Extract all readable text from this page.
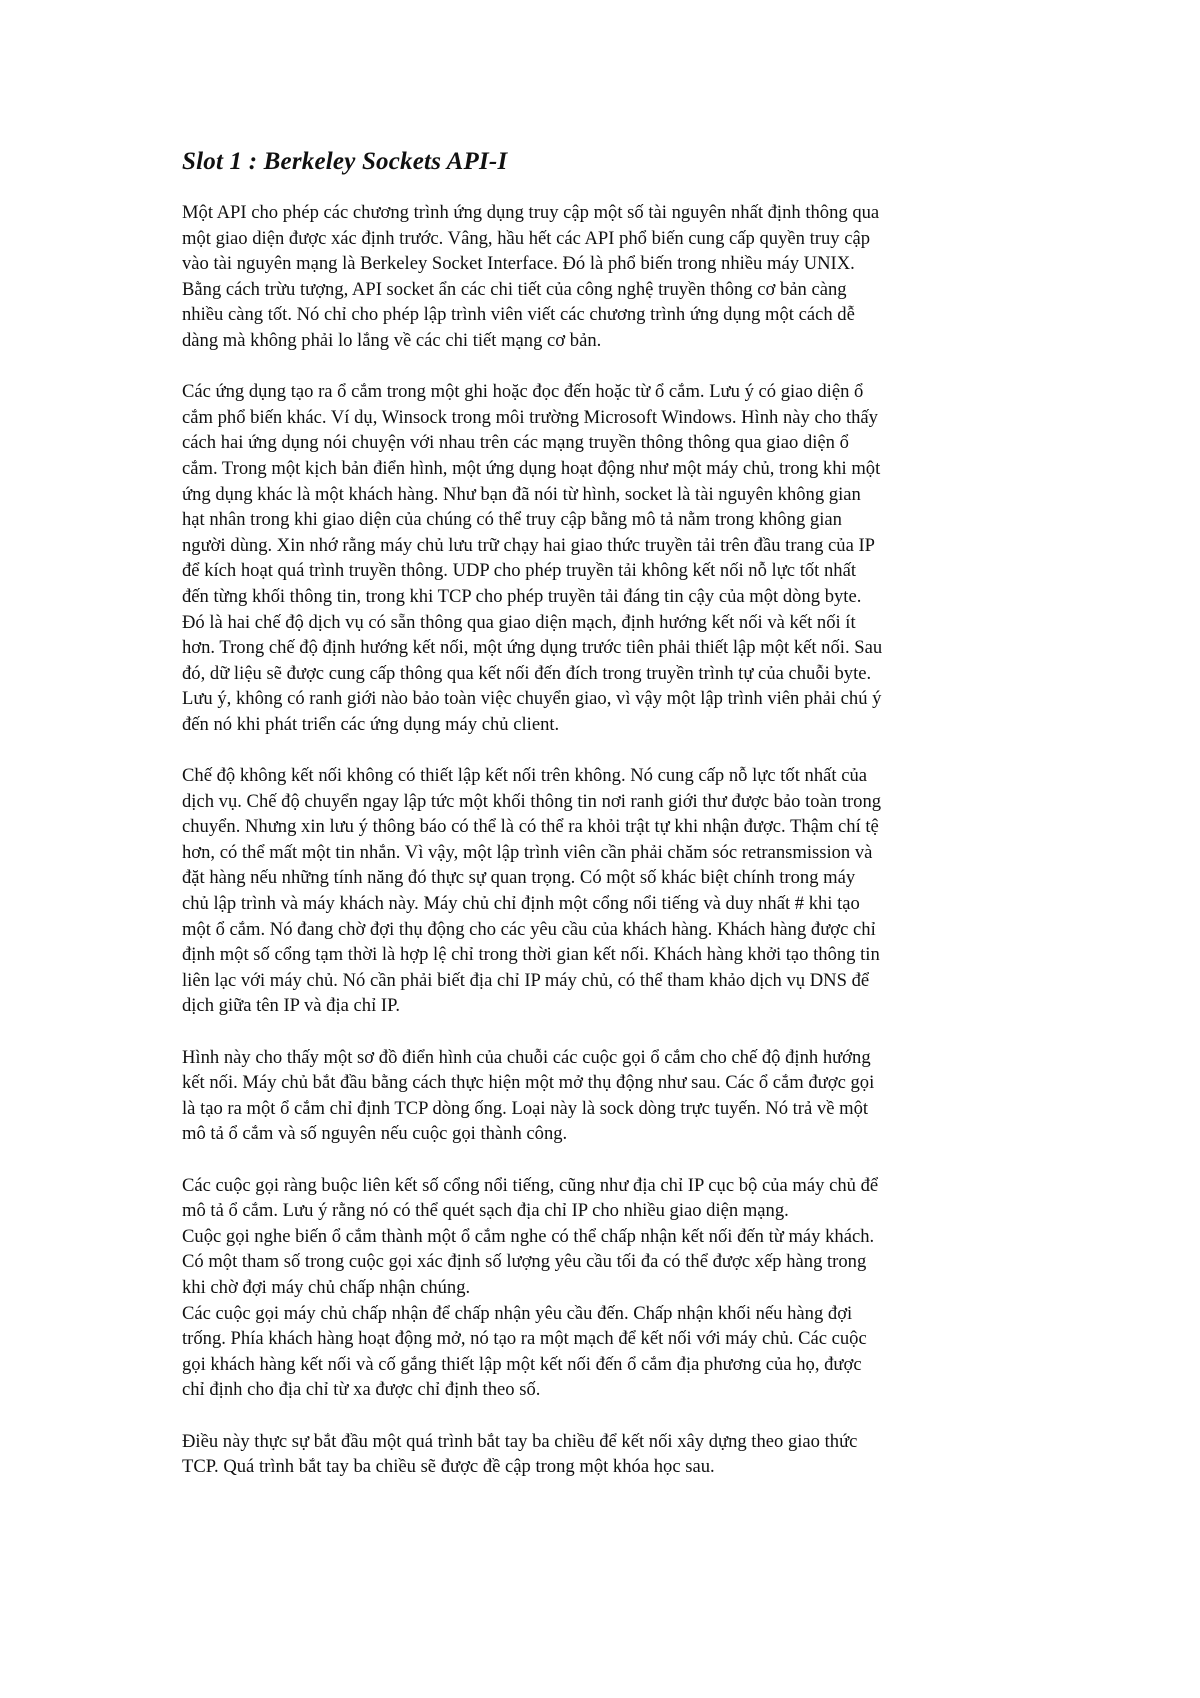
Slot 1 : Berkeley Sockets API-I
Một API cho phép các chương trình ứng dụng truy cập một số tài nguyên nhất định thông qua
một giao diện được xác định trước. Vâng, hầu hết các API phổ biến cung cấp quyền truy cập
vào tài nguyên mạng là Berkeley Socket Interface. Đó là phổ biến trong nhiều máy UNIX.
Bằng cách trừu tượng, API socket ẩn các chi tiết của công nghệ truyền thông cơ bản càng
nhiều càng tốt. Nó chỉ cho phép lập trình viên viết các chương trình ứng dụng một cách dễ
dàng mà không phải lo lắng về các chi tiết mạng cơ bản.
Các ứng dụng tạo ra ổ cắm trong một ghi hoặc đọc đến hoặc từ ổ cắm. Lưu ý có giao diện ổ
cắm phổ biến khác. Ví dụ, Winsock trong môi trường Microsoft Windows. Hình này cho thấy
cách hai ứng dụng nói chuyện với nhau trên các mạng truyền thông thông qua giao diện ổ
cắm. Trong một kịch bản điển hình, một ứng dụng hoạt động như một máy chủ, trong khi một
ứng dụng khác là một khách hàng. Như bạn đã nói từ hình, socket là tài nguyên không gian
hạt nhân trong khi giao diện của chúng có thể truy cập bằng mô tả nằm trong không gian
người dùng. Xin nhớ rằng máy chủ lưu trữ chạy hai giao thức truyền tải trên đầu trang của IP
để kích hoạt quá trình truyền thông. UDP cho phép truyền tải không kết nối nỗ lực tốt nhất
đến từng khối thông tin, trong khi TCP cho phép truyền tải đáng tin cậy của một dòng byte.
Đó là hai chế độ dịch vụ có sẵn thông qua giao diện mạch, định hướng kết nối và kết nối ít
hơn. Trong chế độ định hướng kết nối, một ứng dụng trước tiên phải thiết lập một kết nối. Sau
đó, dữ liệu sẽ được cung cấp thông qua kết nối đến đích trong truyền trình tự của chuỗi byte.
Lưu ý, không có ranh giới nào bảo toàn việc chuyển giao, vì vậy một lập trình viên phải chú ý
đến nó khi phát triển các ứng dụng máy chủ client.
Chế độ không kết nối không có thiết lập kết nối trên không. Nó cung cấp nỗ lực tốt nhất của
dịch vụ. Chế độ chuyển ngay lập tức một khối thông tin nơi ranh giới thư được bảo toàn trong
chuyển. Nhưng xin lưu ý thông báo có thể là có thể ra khỏi trật tự khi nhận được. Thậm chí tệ
hơn, có thể mất một tin nhắn. Vì vậy, một lập trình viên cần phải chăm sóc retransmission và
đặt hàng nếu những tính năng đó thực sự quan trọng. Có một số khác biệt chính trong máy
chủ lập trình và máy khách này. Máy chủ chỉ định một cổng nổi tiếng và duy nhất # khi tạo
một ổ cắm. Nó đang chờ đợi thụ động cho các yêu cầu của khách hàng. Khách hàng được chỉ
định một số cổng tạm thời là hợp lệ chỉ trong thời gian kết nối. Khách hàng khởi tạo thông tin
liên lạc với máy chủ. Nó cần phải biết địa chỉ IP máy chủ, có thể tham khảo dịch vụ DNS để
dịch giữa tên IP và địa chỉ IP.
Hình này cho thấy một sơ đồ điển hình của chuỗi các cuộc gọi ổ cắm cho chế độ định hướng
kết nối. Máy chủ bắt đầu bằng cách thực hiện một mở thụ động như sau. Các ổ cắm được gọi
là tạo ra một ổ cắm chỉ định TCP dòng ống. Loại này là sock dòng trực tuyến. Nó trả về một
mô tả ổ cắm và số nguyên nếu cuộc gọi thành công.
Các cuộc gọi ràng buộc liên kết số cổng nổi tiếng, cũng như địa chỉ IP cục bộ của máy chủ để
mô tả ổ cắm. Lưu ý rằng nó có thể quét sạch địa chỉ IP cho nhiều giao diện mạng.
Cuộc gọi nghe biến ổ cắm thành một ổ cắm nghe có thể chấp nhận kết nối đến từ máy khách.
Có một tham số trong cuộc gọi xác định số lượng yêu cầu tối đa có thể được xếp hàng trong
khi chờ đợi máy chủ chấp nhận chúng.
Các cuộc gọi máy chủ chấp nhận để chấp nhận yêu cầu đến. Chấp nhận khối nếu hàng đợi
trống. Phía khách hàng hoạt động mở, nó tạo ra một mạch để kết nối với máy chủ. Các cuộc
gọi khách hàng kết nối và cố gắng thiết lập một kết nối đến ổ cắm địa phương của họ, được
chỉ định cho địa chỉ từ xa được chỉ định theo số.
Điều này thực sự bắt đầu một quá trình bắt tay ba chiều để kết nối xây dựng theo giao thức
TCP. Quá trình bắt tay ba chiều sẽ được đề cập trong một khóa học sau.
